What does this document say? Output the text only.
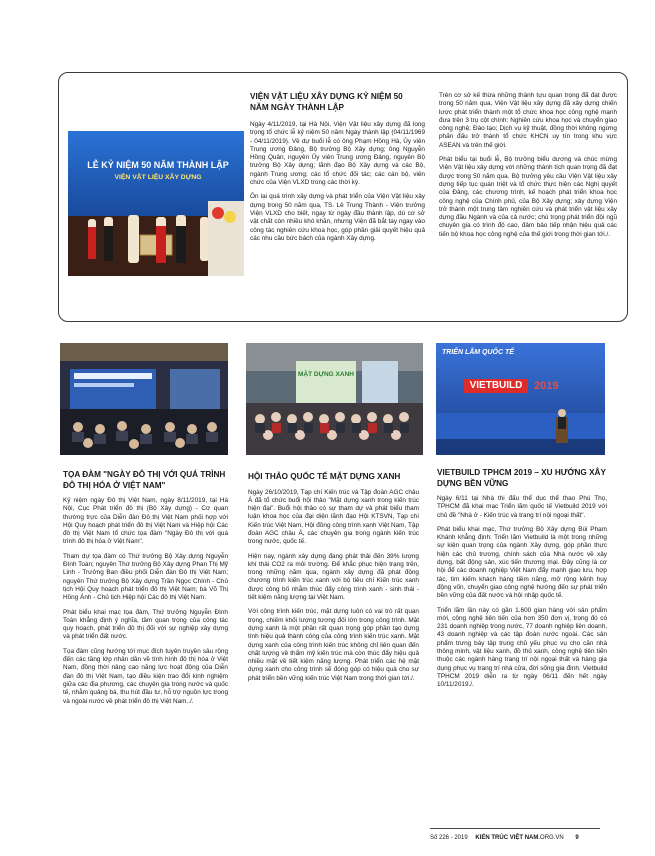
LỄ KỶ NIỆM 50 NĂM THÀNH LẬP
VIỆN VẬT LIỆU XÂY DỰNG
VIỆN VẬT LIỆU XÂY DỰNG KỶ NIỆM 50 NĂM NGÀY THÀNH LẬP

Ngày 4/11/2019, tại Hà Nội, Viện Vật liệu xây dựng đã long trọng tổ chức lễ kỷ niệm 50 năm Ngày thành lập (04/11/1969 - 04/11/2019). Về dự buổi lễ có ông Phạm Hồng Hà, Ủy viên Trung ương Đảng, Bộ trưởng Bộ Xây dựng; ông Nguyễn Hồng Quân, nguyên Ủy viên Trung ương Đảng, nguyên Bộ trưởng Bộ Xây dựng; lãnh đạo Bộ Xây dựng và các Bộ, ngành Trung ương; các tổ chức đối tác; các cán bộ, viên chức của Viện VLXD trong các thời kỳ.

Ôn lại quá trình xây dựng và phát triển của Viện Vật liệu xây dựng trong 50 năm qua, TS. Lê Trung Thành - Viện trưởng Viện VLXD cho biết, ngay từ ngày đầu thành lập, dù cơ sở vật chất còn nhiều khó khăn, nhưng Viện đã bắt tay ngay vào công tác nghiên cứu khoa học, góp phần giải quyết hiệu quả các nhu cầu bức bách của ngành Xây dựng.

Trên cơ sở kế thừa những thành tựu quan trọng đã đạt được trong 50 năm qua, Viện Vật liệu xây dựng đã xây dựng chiến lược phát triển thành một tổ chức khoa học công nghệ mạnh đưa trên 3 trụ cột chính: Nghiên cứu khoa học và chuyển giao công nghệ; Đào tạo; Dịch vụ kỹ thuật, đồng thời không ngừng phấn đấu trở thành tổ chức KHCN uy tín trong khu vực ASEAN và trên thế giới.

Phát biểu tại buổi lễ, Bộ trưởng biểu dương và chúc mừng Viện Vật liệu xây dựng với những thành tích quan trọng đã đạt được trong 50 năm qua. Bộ trưởng yêu cầu Viện Vật liệu xây dựng tiếp tục quán triệt và tổ chức thực hiện các Nghị quyết của Đảng, các chương trình, kế hoạch phát triển khoa học công nghệ của Chính phủ, của Bộ Xây dựng; xây dựng Viện trở thành một trung tâm nghiên cứu và phát triển vật liệu xây dựng đầu Ngành và của cả nước; chú trọng phát triển đội ngũ chuyên gia có trình độ cao, đảm bảo tiếp nhận hiệu quả các tiến bộ khoa học công nghệ của thế giới trong thời gian tới./.

MẶT DỰNG XANH
TRIỂN LÃM QUỐC TẾ
VIETBUILD	2019
TỌA ĐÀM "NGÀY ĐÔ THỊ VỚI QUÁ TRÌNH ĐÔ THỊ HÓA Ở VIỆT NAM"

Kỷ niệm ngày Đô thị Việt Nam, ngày 8/11/2019, tại Hà Nội, Cục Phát triển đô thị (Bộ Xây dựng) - Cơ quan thường trực của Diễn đàn Đô thị Việt Nam phối hợp với Hội Quy hoạch phát triển đô thị Việt Nam và Hiệp hội Các đô thị Việt Nam tổ chức tọa đàm "Ngày Đô thị với quá trình đô thị hóa ở Việt Nam".

Tham dự tọa đàm có Thứ trưởng Bộ Xây dựng Nguyễn Đình Toàn; nguyên Thứ trưởng Bộ Xây dựng Phan Thị Mỹ Linh - Trưởng Ban điều phối Diễn đàn Đô thị Việt Nam; nguyên Thứ trưởng Bộ Xây dựng Trần Ngọc Chính - Chủ tịch Hội Quy hoạch phát triển đô thị Việt Nam; bà Võ Thị Hồng Ánh - Chủ tịch Hiệp hội Các đô thị Việt Nam.

Phát biểu khai mạc tọa đàm, Thứ trưởng Nguyễn Đình Toàn khẳng định ý nghĩa, tầm quan trọng của công tác quy hoạch, phát triển đô thị đối với sự nghiệp xây dựng và phát triển đất nước.

Tọa đàm cũng hướng tới mục đích tuyên truyền sâu rộng đến các tầng lớp nhân dân về tính hình đô thị hóa ở Việt Nam, đồng thời nâng cao năng lực hoạt động của Diễn đàn đô thị Việt Nam, tạo điều kiện trao đổi kinh nghiệm giữa các địa phương, các chuyên gia trong nước và quốc tế, nhằm quảng bá, thu hút đầu tư, hỗ trợ nguồn lực trong và ngoài nước về phát triển đô thị Việt Nam../.

HỘI THẢO QUỐC TẾ MẶT DỰNG XANH

Ngày 26/10/2019, Tạp chí Kiến trúc và Tập đoàn AGC châu Á đã tổ chức buổi hội thảo "Mặt dựng xanh trong kiến trúc hiện đại". Buổi hội thảo có sự tham dự và phát biểu tham luận khoa học của đại diện lãnh đạo Hội KTSVN, Tạp chí Kiến trúc Việt Nam, Hội đồng công trình xanh Việt Nam, Tập đoàn AGC châu Á, các chuyên gia trong ngành kiến trúc trong nước, quốc tế.

Hiện nay, ngành xây dựng đang phát thải đến 39% lượng khí thải CO2 ra môi trường. Để khắc phục hiện trạng trên, trong những năm qua, ngành xây dựng đã phát động chương trình kiến trúc xanh với bộ tiêu chí Kiến trúc xanh được công bố nhằm thúc đẩy công trình xanh - sinh thái - tiết kiệm năng lượng tại Việt Nam.

Với công trình kiến trúc, mặt dựng luôn có vai trò rất quan trọng, chiếm khối lượng tương đối lớn trong công trình. Mặt dựng xanh là một phần rất quan trọng góp phần tạo dựng tính hiệu quả thành công của công trình kiến trúc xanh. Mặt dựng xanh của công trình kiến trúc không chỉ liên quan đến chất lượng về thẩm mỹ kiến trúc mà còn thúc đẩy hiệu quả nhiều mặt về tiết kiệm năng lượng. Phát triển các hệ mặt dựng xanh cho công trình sẽ đóng góp có hiệu quả cho sự phát triển bền vững kiến trúc Việt Nam trong thời gian tới./.

VIETBUILD TPHCM 2019 – XU HƯỚNG XÂY DỰNG BỀN VỮNG

Ngày 6/11 tại Nhà thi đấu thể dục thể thao Phú Thọ, TPHCM đã khai mạc Triển lãm quốc tế Vietbuild 2019 với chủ đề "Nhà ở - Kiến trúc và trang trí nội ngoại thất".

Phát biểu khai mạc, Thứ trưởng Bộ Xây dựng Bùi Phạm Khánh khẳng định: Triển lãm Vietbuild là một trong những sự kiện quan trọng của ngành Xây dựng, góp phần thực hiện các chủ trương, chính sách của Nhà nước về xây dựng, bất động sản, xúc tiến thương mại. Đây cũng là cơ hội để các doanh nghiệp Việt Nam đẩy mạnh giao lưu, hợp tác, tìm kiếm khách hàng tiềm năng, mở rộng kênh huy động vốn, chuyển giao công nghệ hướng đến sự phát triển bền vững của đất nước và hội nhập quốc tế.

Triển lãm lần này có gần 1.600 gian hàng với sản phẩm mới, công nghệ tiên tiến của hơn 350 đơn vị, trong đó có 231 doanh nghiệp trong nước, 77 doanh nghiệp liên doanh, 43 doanh nghiệp và các tập đoàn nước ngoài. Các sản phẩm trưng bày tập trung chủ yếu phục vụ cho căn nhà thông minh, vật liệu xanh, đồ thủ xanh, công nghệ tiên tiến thuộc các ngành hàng trang trí nội ngoại thất và hàng gia dụng phục vụ trang trí nhà cửa, đời sống gia đình. Vietbuild TPHCM 2019 diễn ra từ ngày 06/11 đến hết ngày 10/11/2019./.

Số 226 - 2019 KIẾN TRÚC VIỆT NAM.ORG.VN 9
